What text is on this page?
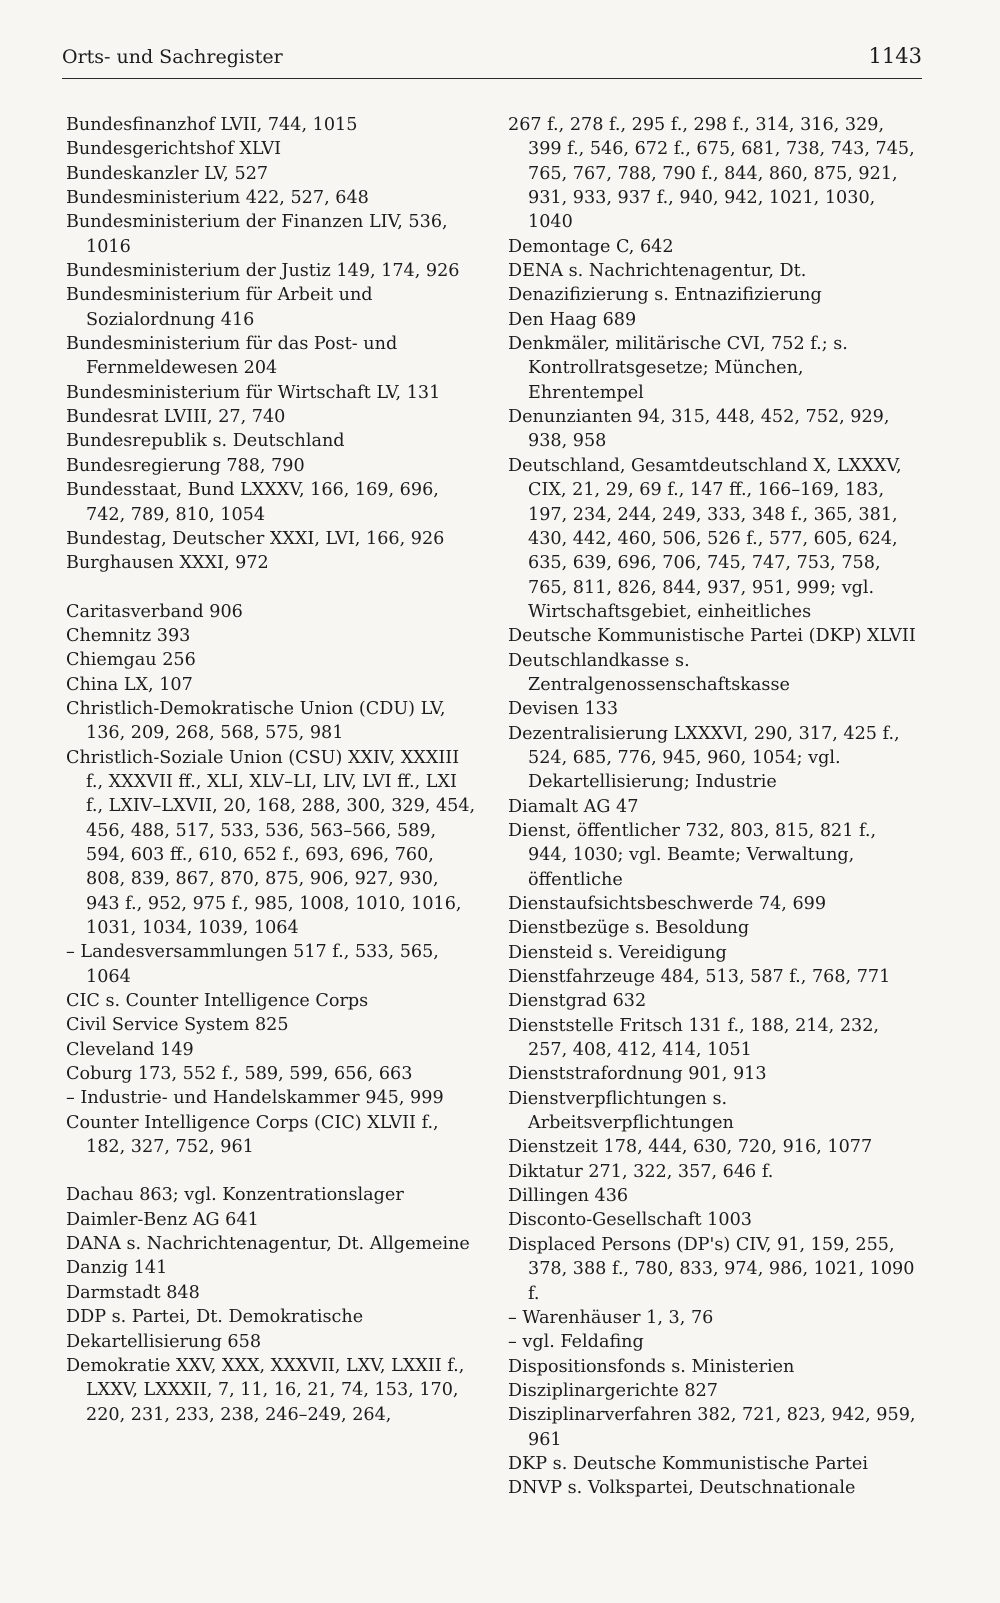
Orts- und Sachregister	1143

Bundesfinanzhof LVII, 744, 1015

Bundesgerichtshof XLVI

Bundeskanzler LV, 527

Bundesministerium 422, 527, 648

Bundesministerium der Finanzen LIV, 536, 1016

Bundesministerium der Justiz 149, 174, 926

Bundesministerium für Arbeit und Sozialordnung 416

Bundesministerium für das Post- und Fernmeldewesen 204

Bundesministerium für Wirtschaft LV, 131

Bundesrat LVIII, 27, 740

Bundesrepublik s. Deutschland

Bundesregierung 788, 790

Bundesstaat, Bund LXXXV, 166, 169, 696, 742, 789, 810, 1054

Bundestag, Deutscher XXXI, LVI, 166, 926

Burghausen XXXI, 972

Caritasverband 906

Chemnitz 393

Chiemgau 256

China LX, 107

Christlich-Demokratische Union (CDU) LV, 136, 209, 268, 568, 575, 981

Christlich-Soziale Union (CSU) XXIV, XXXIII f., XXXVII ff., XLI, XLV–LI, LIV, LVI ff., LXI f., LXIV–LXVII, 20, 168, 288, 300, 329, 454, 456, 488, 517, 533, 536, 563–566, 589, 594, 603 ff., 610, 652 f., 693, 696, 760, 808, 839, 867, 870, 875, 906, 927, 930, 943 f., 952, 975 f., 985, 1008, 1010, 1016, 1031, 1034, 1039, 1064

– Landesversammlungen 517 f., 533, 565, 1064

CIC s. Counter Intelligence Corps

Civil Service System 825

Cleveland 149

Coburg 173, 552 f., 589, 599, 656, 663

– Industrie- und Handelskammer 945, 999

Counter Intelligence Corps (CIC) XLVII f., 182, 327, 752, 961

Dachau 863; vgl. Konzentrationslager

Daimler-Benz AG 641

DANA s. Nachrichtenagentur, Dt. Allgemeine

Danzig 141

Darmstadt 848

DDP s. Partei, Dt. Demokratische

Dekartellisierung 658

Demokratie XXV, XXX, XXXVII, LXV, LXXII f., LXXV, LXXXII, 7, 11, 16, 21, 74, 153, 170, 220, 231, 233, 238, 246–249, 264,

267 f., 278 f., 295 f., 298 f., 314, 316, 329, 399 f., 546, 672 f., 675, 681, 738, 743, 745, 765, 767, 788, 790 f., 844, 860, 875, 921, 931, 933, 937 f., 940, 942, 1021, 1030, 1040

Demontage C, 642

DENA s. Nachrichtenagentur, Dt.

Denazifizierung s. Entnazifizierung

Den Haag 689

Denkmäler, militärische CVI, 752 f.; s. Kontrollratsgesetze; München, Ehrentempel

Denunzianten 94, 315, 448, 452, 752, 929, 938, 958

Deutschland, Gesamtdeutschland X, LXXXV, CIX, 21, 29, 69 f., 147 ff., 166–169, 183, 197, 234, 244, 249, 333, 348 f., 365, 381, 430, 442, 460, 506, 526 f., 577, 605, 624, 635, 639, 696, 706, 745, 747, 753, 758, 765, 811, 826, 844, 937, 951, 999; vgl. Wirtschaftsgebiet, einheitliches

Deutsche Kommunistische Partei (DKP) XLVII

Deutschlandkasse s. Zentralgenossenschaftskasse

Devisen 133

Dezentralisierung LXXXVI, 290, 317, 425 f., 524, 685, 776, 945, 960, 1054; vgl. Dekartellisierung; Industrie

Diamalt AG 47

Dienst, öffentlicher 732, 803, 815, 821 f., 944, 1030; vgl. Beamte; Verwaltung, öffentliche

Dienstaufsichtsbeschwerde 74, 699

Dienstbezüge s. Besoldung

Diensteid s. Vereidigung

Dienstfahrzeuge 484, 513, 587 f., 768, 771

Dienstgrad 632

Dienststelle Fritsch 131 f., 188, 214, 232, 257, 408, 412, 414, 1051

Dienststrafordnung 901, 913

Dienstverpflichtungen s. Arbeitsverpflichtungen

Dienstzeit 178, 444, 630, 720, 916, 1077

Diktatur 271, 322, 357, 646 f.

Dillingen 436

Disconto-Gesellschaft 1003

Displaced Persons (DP's) CIV, 91, 159, 255, 378, 388 f., 780, 833, 974, 986, 1021, 1090 f.

– Warenhäuser 1, 3, 76

– vgl. Feldafing

Dispositionsfonds s. Ministerien

Disziplinargerichte 827

Disziplinarverfahren 382, 721, 823, 942, 959, 961

DKP s. Deutsche Kommunistische Partei

DNVP s. Volkspartei, Deutschnationale
